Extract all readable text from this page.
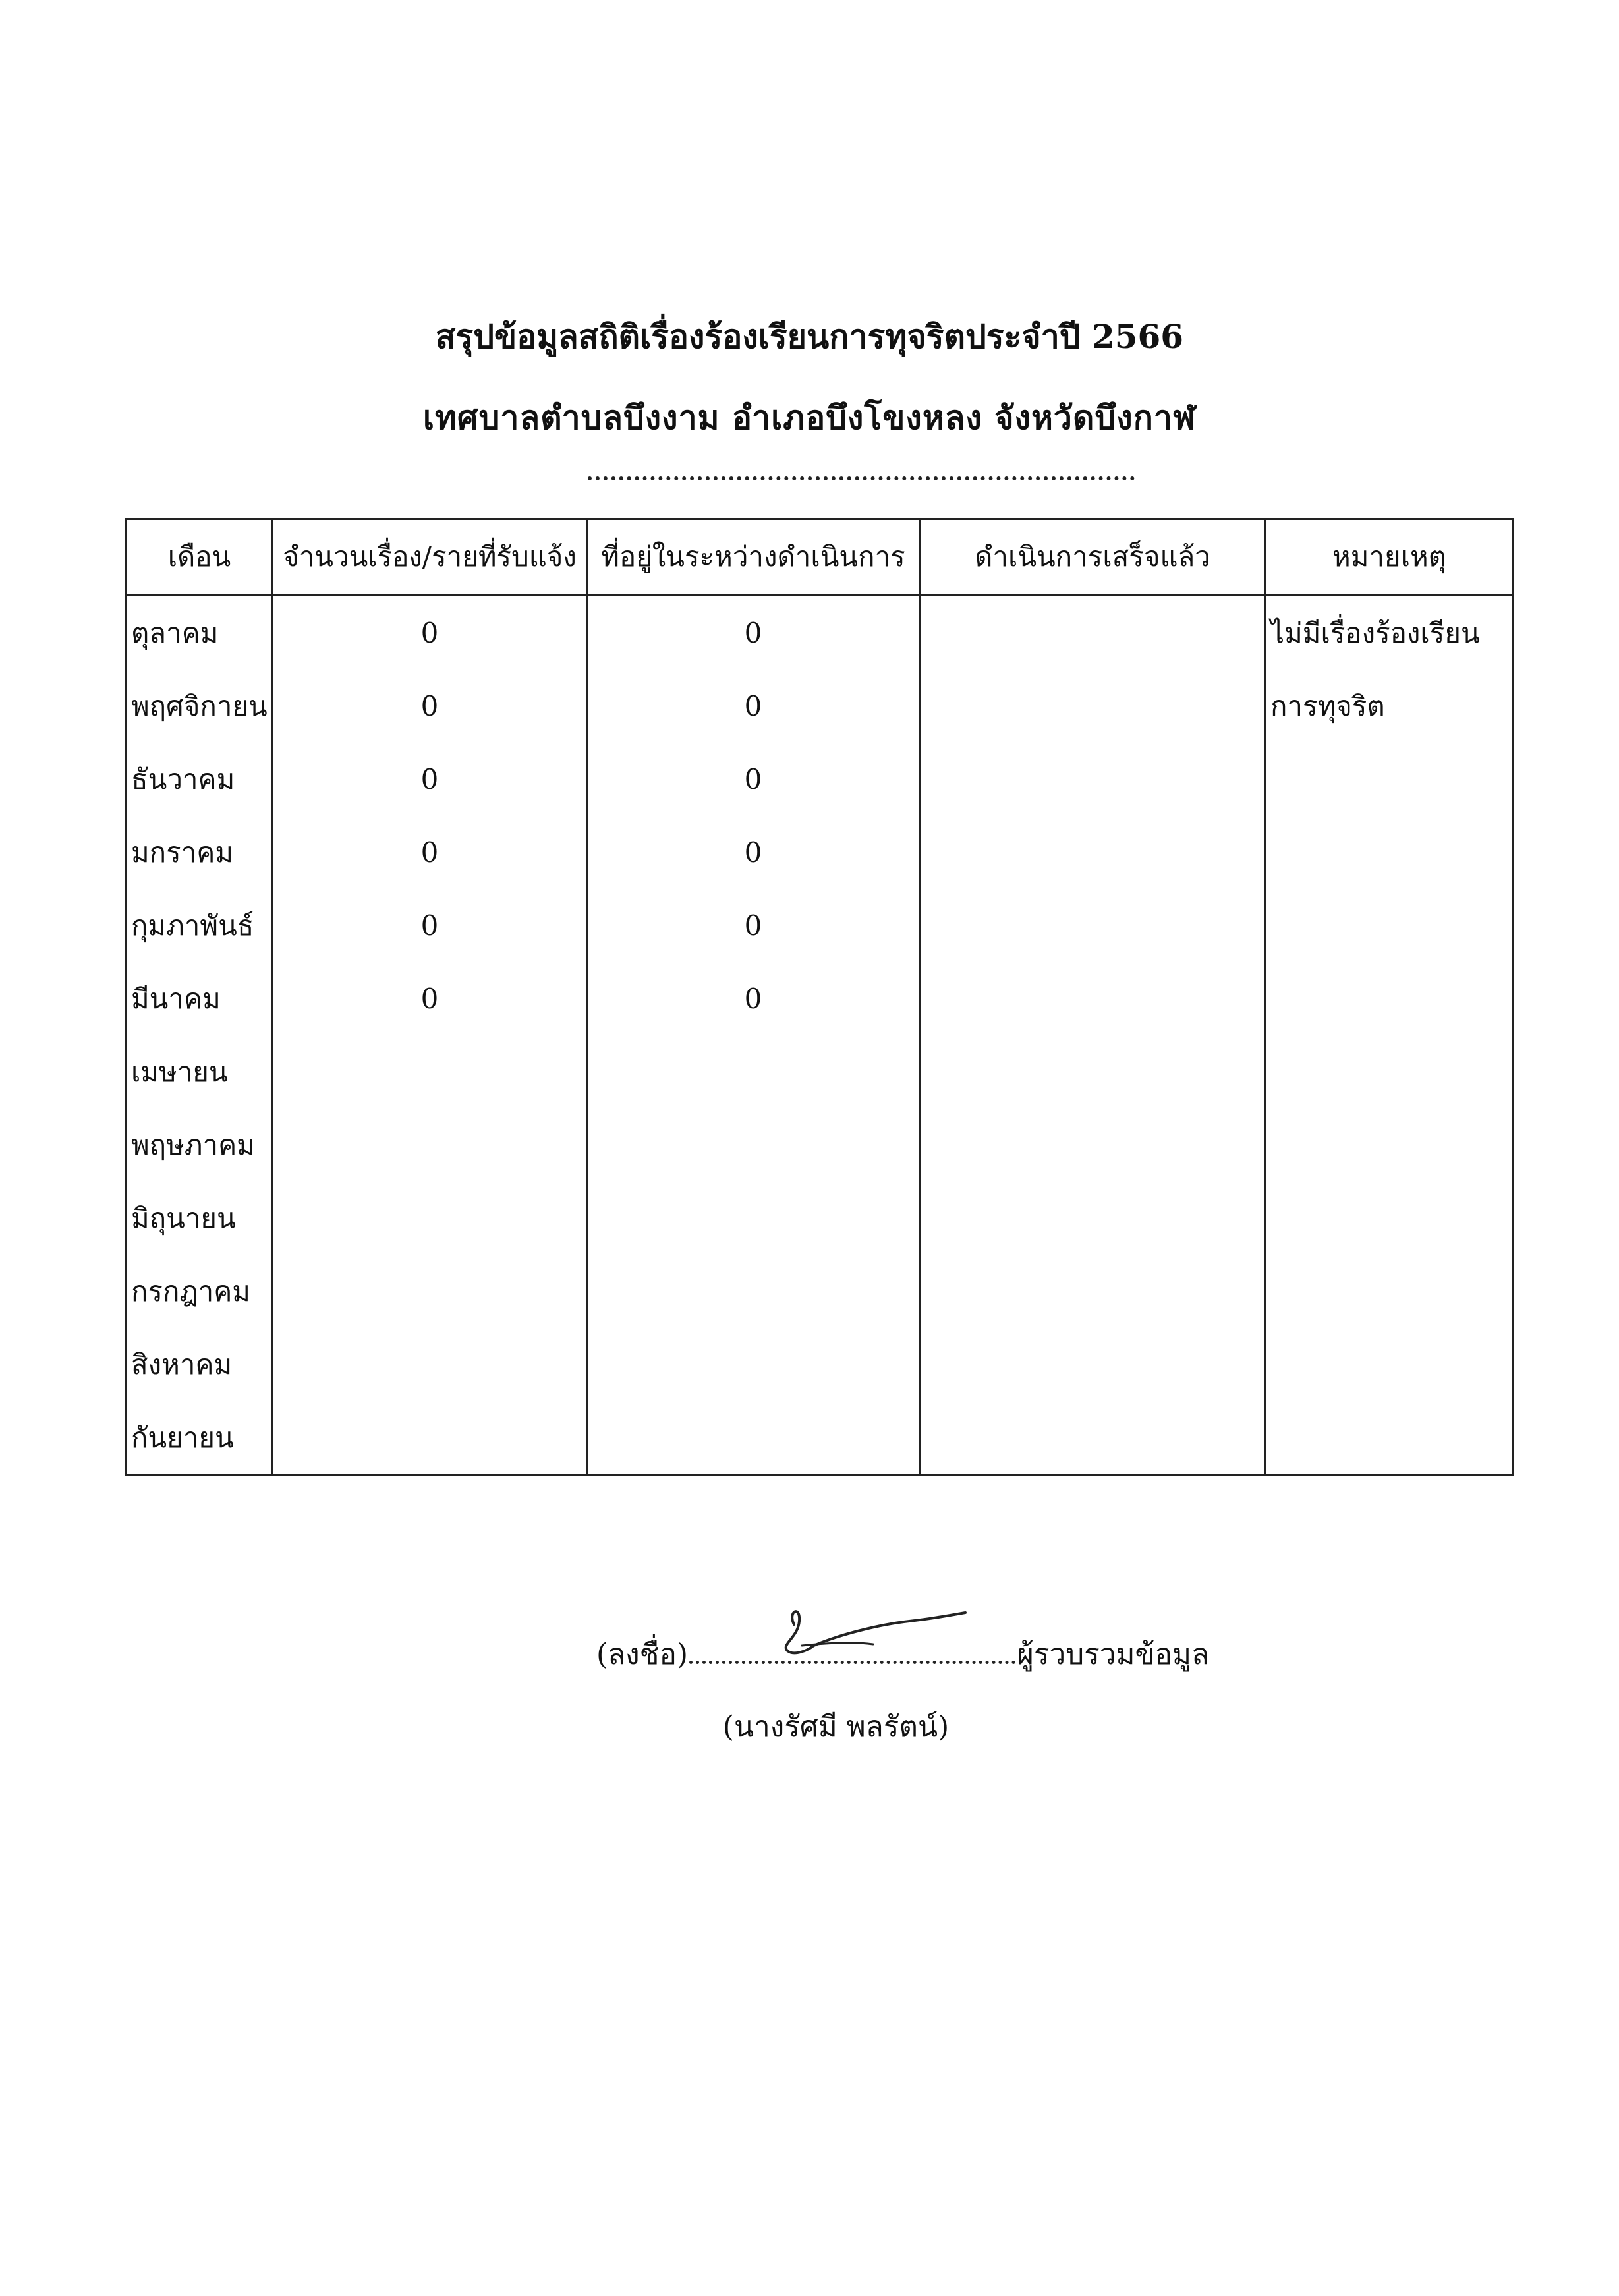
สรุปข้อมูลสถิติเรื่องร้องเรียนการทุจริตประจำปี 2566
เทศบาลตำบลบึงงาม อำเภอบึงโขงหลง จังหวัดบึงกาฬ
เดือน	จำนวนเรื่อง/รายที่รับแจ้ง	ที่อยู่ในระหว่างดำเนินการ	ดำเนินการเสร็จแล้ว	หมายเหตุ
ตุลาคม	0	0		ไม่มีเรื่องร้องเรียน
พฤศจิกายน	0	0		การทุจริต
ธันวาคม	0	0		
มกราคม	0	0		
กุมภาพันธ์	0	0		
มีนาคม	0	0		
เมษายน				
พฤษภาคม				
มิถุนายน				
กรกฎาคม				
สิงหาคม				
กันยายน				
(ลงชื่อ)	ผู้รวบรวมข้อมูล
(นางรัศมี พลรัตน์)
